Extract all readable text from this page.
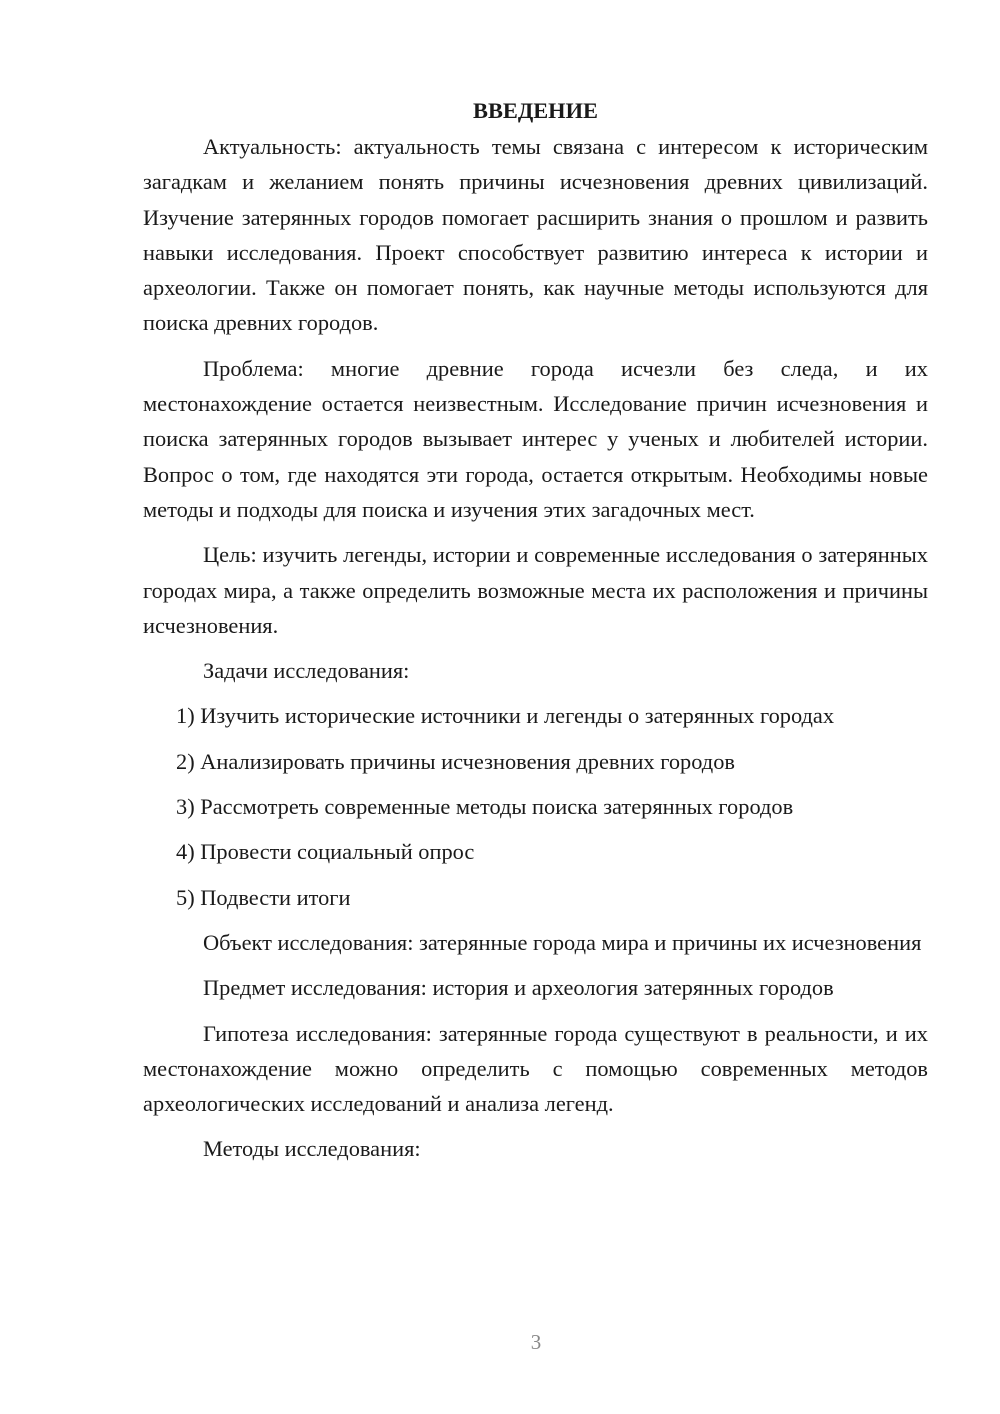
ВВЕДЕНИЕ

Актуальность: актуальность темы связана с интересом к историческим загадкам и желанием понять причины исчезновения древних цивилизаций. Изучение затерянных городов помогает расширить знания о прошлом и развить навыки исследования. Проект способствует развитию интереса к истории и археологии. Также он помогает понять, как научные методы используются для поиска древних городов.

Проблема: многие древние города исчезли без следа, и их местонахождение остается неизвестным. Исследование причин исчезновения и поиска затерянных городов вызывает интерес у ученых и любителей истории. Вопрос о том, где находятся эти города, остается открытым. Необходимы новые методы и подходы для поиска и изучения этих загадочных мест.

Цель: изучить легенды, истории и современные исследования о затерянных городах мира, а также определить возможные места их расположения и причины исчезновения.

Задачи исследования:

1) Изучить исторические источники и легенды о затерянных городах
2) Анализировать причины исчезновения древних городов
3) Рассмотреть современные методы поиска затерянных городов
4) Провести социальный опрос
5) Подвести итоги

Объект исследования: затерянные города мира и причины их исчезновения

Предмет исследования: история и археология затерянных городов

Гипотеза исследования: затерянные города существуют в реальности, и их местонахождение можно определить с помощью современных методов археологических исследований и анализа легенд.

Методы исследования:

3
